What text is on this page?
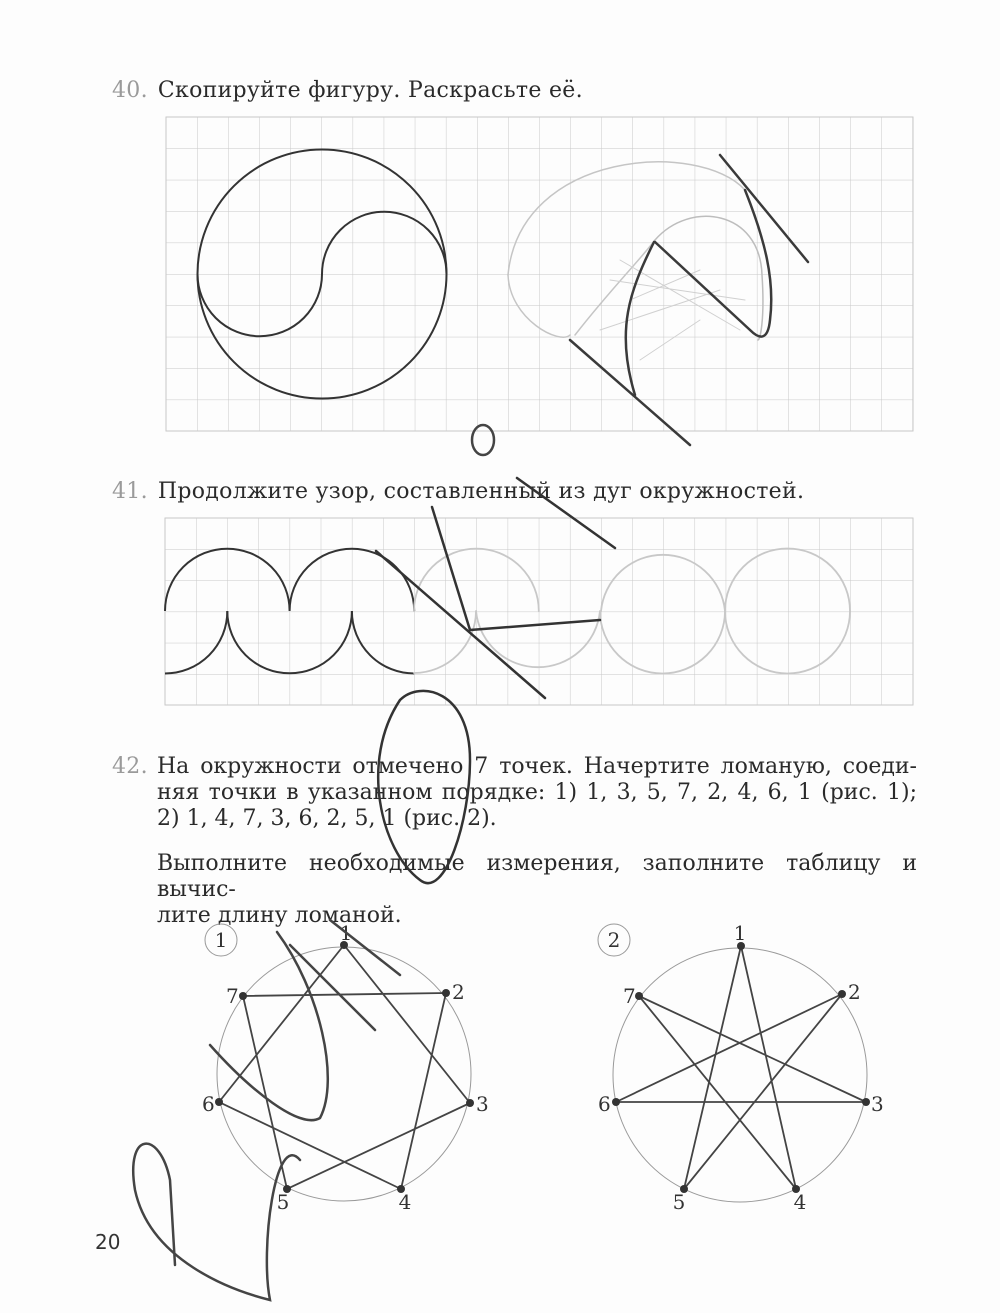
40. Скопируйте фигуру. Раскрасьте её.
41. Продолжите узор, составленный из дуг окружностей.
42. На окружности отмечено 7 точек. Начертите ломаную, соеди-
няя точки в указанном порядке: 1) 1, 3, 5, 7, 2, 4, 6, 1 (рис. 1);
2) 1, 4, 7, 3, 6, 2, 5, 1 (рис. 2).
Выполните необходимые измерения, заполните таблицу и вычис-
лите длину ломаной.
20
1	1
2
3
4
5
6
7
2	1
2
3
4
5
6
7
